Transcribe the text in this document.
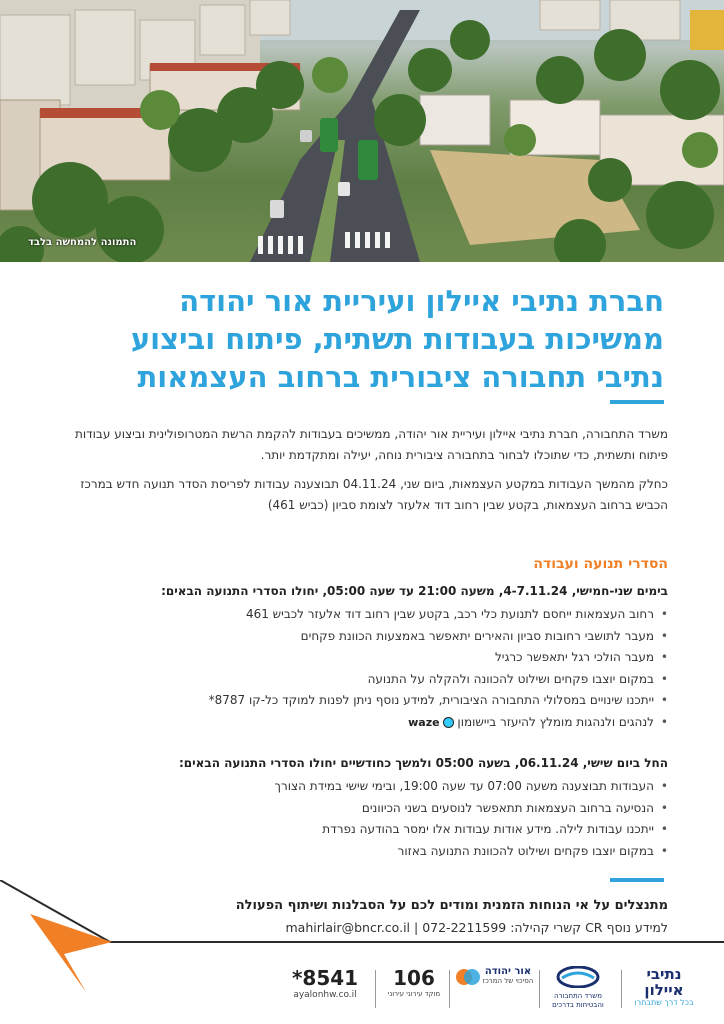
התמונה להמחשה בלבד
חברת נתיבי איילון ועיריית אור יהודה
ממשיכות בעבודות תשתית, פיתוח וביצוע
נתיבי תחבורה ציבורית ברחוב העצמאות
משרד התחבורה, חברת נתיבי איילון ועיריית אור יהודה, ממשיכים בעבודות להקמת הרשת המטרופולינית וביצוע עבודות פיתוח ותשתית, כדי שתוכלו לבחור בתחבורה ציבורית נוחה, יעילה ומתקדמת יותר.
כחלק מהמשך העבודות במקטע העצמאות, ביום שני, 04.11.24 תבוצענה עבודות לפריסת הסדר תנועה חדש במרכז הכביש ברחוב העצמאות, בקטע שבין רחוב דוד אלעזר לצומת סביון (כביש 461)
הסדרי תנועה ועבודה
בימים שני-חמישי, 4-7.11.24, משעה 21:00 עד שעה 05:00, יחולו הסדרי התנועה הבאים:
• רחוב העצמאות ייחסם לתנועת כלי רכב, בקטע שבין רחוב דוד אלעזר לכביש 461
• מעבר לתושבי רחובות סביון והאירים יתאפשר באמצעות הכוונת פקחים
• מעבר הולכי רגל יתאפשר כרגיל
• במקום יוצבו פקחים ושילוט להכוונה ולהקלה על התנועה
• ייתכנו שינויים במסלולי התחבורה הציבורית, למידע נוסף ניתן לפנות למוקד כל-קו 8787*
• לנהגים ולנהגות מומלץ להיעזר ביישומון waze
החל ביום שישי, 06.11.24, בשעה 05:00 ולמשך כחודשיים יחולו הסדרי התנועה הבאים:
• העבודות תבוצענה משעה 07:00 עד שעה 19:00, ובימי שישי במידת הצורך
• הנסיעה ברחוב העצמאות תתאפשר לנוסעים בשני הכיוונים
• ייתכנו עבודות לילה. מידע אודות עבודות אלו ימסר בהודעה נפרדת
• במקום יוצבו פקחים ושילוט להכוונת התנועה באזור
מתנצלים על אי הנוחות הזמנית ומודים לכם על הסבלנות ושיתוף הפעולה
למידע נוסף CR קשרי קהילה: 072-2211599 | mahirlair@bncr.co.il
נתיבי
איילון
בכל דרך שתבחרו
משרד התחבורה
והבטיחות בדרכים
אור יהודה
הסיכוי של המרכז
106
מוקד עירוני עירוני
*8541
ayalonhw.co.il
